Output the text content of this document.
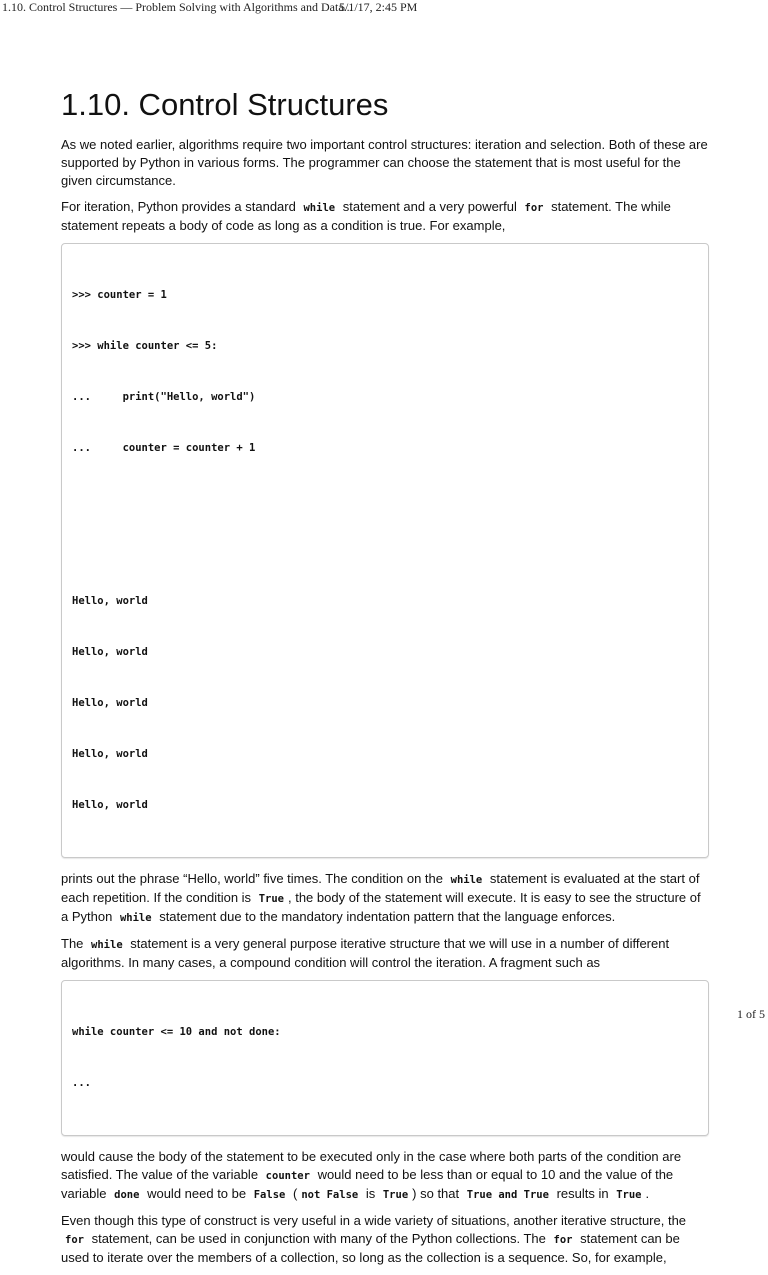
1.10. Control Structures — Problem Solving with Algorithms and Data...
5/1/17, 2:45 PM
1.10. Control Structures

As we noted earlier, algorithms require two important control structures: iteration and selection. Both of these are supported by Python in various forms. The programmer can choose the statement that is most useful for the given circumstance.

For iteration, Python provides a standard while statement and a very powerful for statement. The while statement repeats a body of code as long as a condition is true. For example,

>>> counter = 1

>>> while counter <= 5:

...     print("Hello, world")

...     counter = counter + 1

Hello, world

Hello, world

Hello, world

Hello, world

Hello, world

prints out the phrase “Hello, world” five times. The condition on the while statement is evaluated at the start of each repetition. If the condition is True , the body of the statement will execute. It is easy to see the structure of a Python while statement due to the mandatory indentation pattern that the language enforces.

The while statement is a very general purpose iterative structure that we will use in a number of different algorithms. In many cases, a compound condition will control the iteration. A fragment such as

while counter <= 10 and not done:

...

would cause the body of the statement to be executed only in the case where both parts of the condition are satisfied. The value of the variable counter would need to be less than or equal to 10 and the value of the variable done would need to be False ( not False is True ) so that True and True results in True .

Even though this type of construct is very useful in a wide variety of situations, another iterative structure, the for statement, can be used in conjunction with many of the Python collections. The for statement can be used to iterate over the members of a collection, so long as the collection is a sequence. So, for example,

1 of 5
